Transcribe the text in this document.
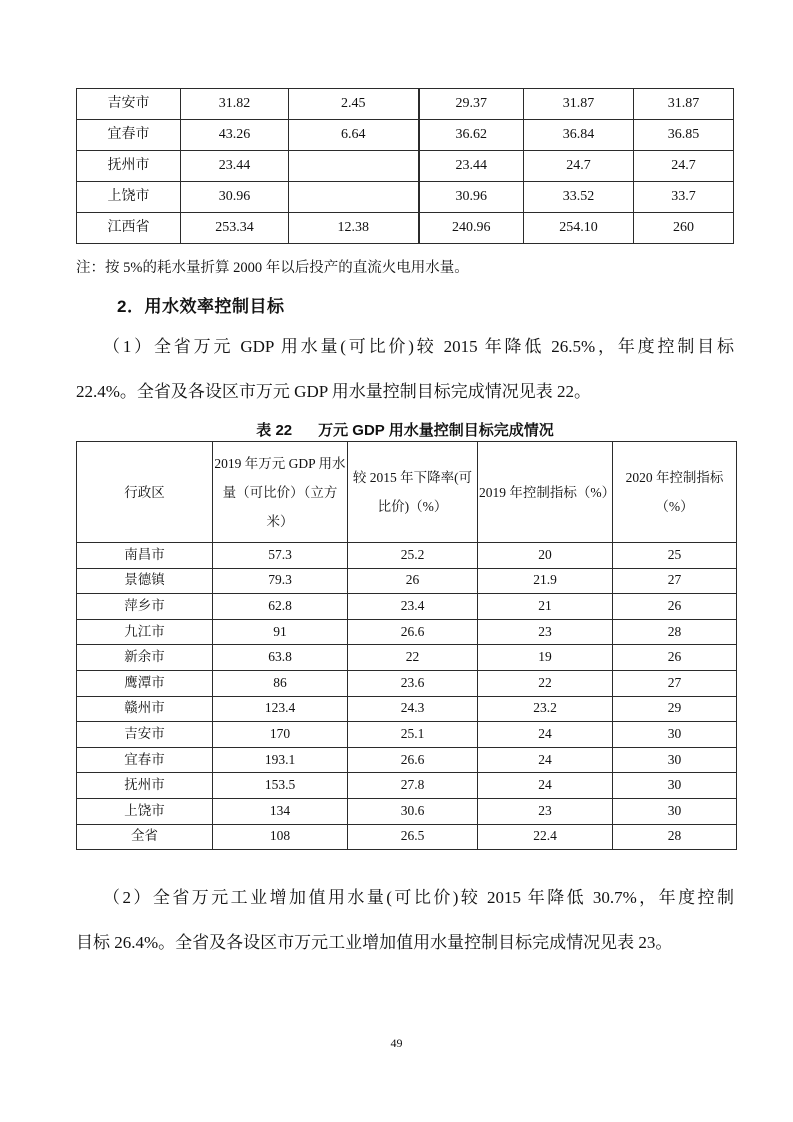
吉安市	31.82	2.45	29.37	31.87	31.87
宜春市	43.26	6.64	36.62	36.84	36.85
抚州市	23.44		23.44	24.7	24.7
上饶市	30.96		30.96	33.52	33.7
江西省	253.34	12.38	240.96	254.10	260
注：按 5%的耗水量折算 2000 年以后投产的直流火电用水量。
2．用水效率控制目标
（1）全省万元 GDP 用水量(可比价)较 2015 年降低 26.5%，年度控制目标
22.4%。全省及各设区市万元 GDP 用水量控制目标完成情况见表 22。
表 22 万元 GDP 用水量控制目标完成情况
行政区	2019 年万元 GDP 用水量（可比价）（立方米）	较 2015 年下降率(可比价)（%）	2019 年控制指标（%）	2020 年控制指标（%）
南昌市	57.3	25.2	20	25
景德镇	79.3	26	21.9	27
萍乡市	62.8	23.4	21	26
九江市	91	26.6	23	28
新余市	63.8	22	19	26
鹰潭市	86	23.6	22	27
赣州市	123.4	24.3	23.2	29
吉安市	170	25.1	24	30
宜春市	193.1	26.6	24	30
抚州市	153.5	27.8	24	30
上饶市	134	30.6	23	30
全省	108	26.5	22.4	28
（2）全省万元工业增加值用水量(可比价)较 2015 年降低 30.7%，年度控制
目标 26.4%。全省及各设区市万元工业增加值用水量控制目标完成情况见表 23。
49
